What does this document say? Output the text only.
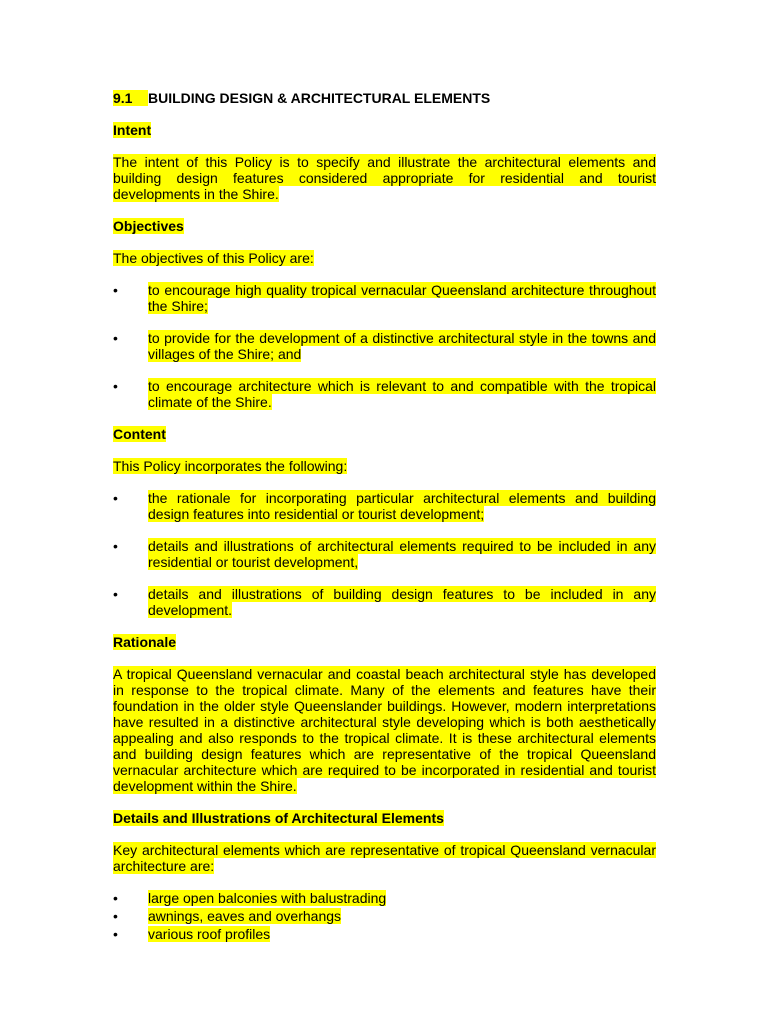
9.1 BUILDING DESIGN & ARCHITECTURAL ELEMENTS
Intent

The intent of this Policy is to specify and illustrate the architectural elements and building design features considered appropriate for residential and tourist developments in the Shire.

Objectives

The objectives of this Policy are:

•	to encourage high quality tropical vernacular Queensland architecture throughout the Shire;
•	to provide for the development of a distinctive architectural style in the towns and villages of the Shire; and
•	to encourage architecture which is relevant to and compatible with the tropical climate of the Shire.
Content

This Policy incorporates the following:

•	the rationale for incorporating particular architectural elements and building design features into residential or tourist development;
•	details and illustrations of architectural elements required to be included in any residential or tourist development,
•	details and illustrations of building design features to be included in any development.
Rationale

A tropical Queensland vernacular and coastal beach architectural style has developed in response to the tropical climate. Many of the elements and features have their foundation in the older style Queenslander buildings. However, modern interpretations have resulted in a distinctive architectural style developing which is both aesthetically appealing and also responds to the tropical climate. It is these architectural elements and building design features which are representative of the tropical Queensland vernacular architecture which are required to be incorporated in residential and tourist development within the Shire.

Details and Illustrations of Architectural Elements

Key architectural elements which are representative of tropical Queensland vernacular architecture are:

•	large open balconies with balustrading
•	awnings, eaves and overhangs
•	various roof profiles
